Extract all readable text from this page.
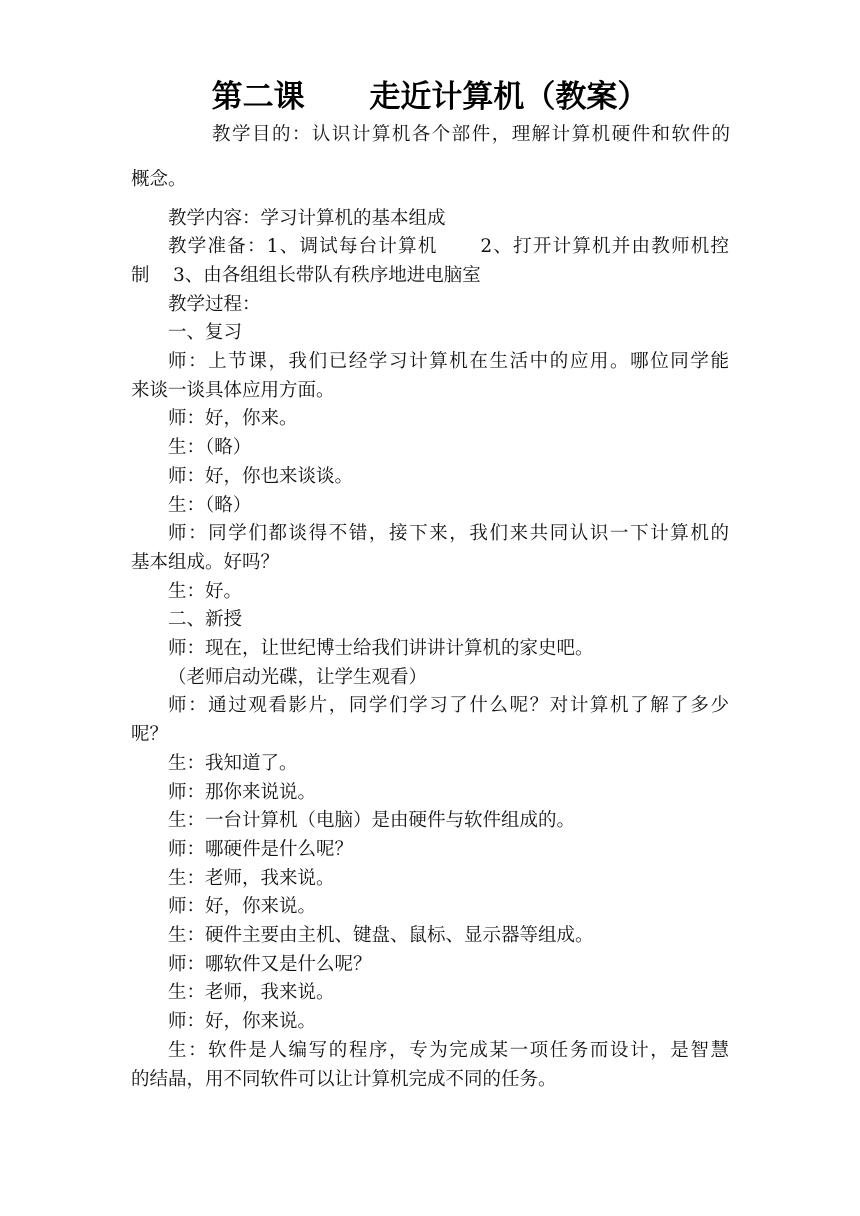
第二课      走近计算机（教案）
教学目的：认识计算机各个部件，理解计算机硬件和软件的
概念。
教学内容：学习计算机的基本组成
教学准备：1、调试每台计算机      2、打开计算机并由教师机控
制    3、由各组组长带队有秩序地进电脑室
教学过程：
一、复习
师：上节课，我们已经学习计算机在生活中的应用。哪位同学能
来谈一谈具体应用方面。
师：好，你来。
生：（略）
师：好，你也来谈谈。
生：（略）
师：同学们都谈得不错，接下来，我们来共同认识一下计算机的
基本组成。好吗？
生：好。
二、新授
师：现在，让世纪博士给我们讲讲计算机的家史吧。
（老师启动光碟，让学生观看）
师：通过观看影片，同学们学习了什么呢？对计算机了解了多少
呢？
生：我知道了。
师：那你来说说。
生：一台计算机（电脑）是由硬件与软件组成的。
师：哪硬件是什么呢？
生：老师，我来说。
师：好，你来说。
生：硬件主要由主机、键盘、鼠标、显示器等组成。
师：哪软件又是什么呢？
生：老师，我来说。
师：好，你来说。
生：软件是人编写的程序，专为完成某一项任务而设计，是智慧
的结晶，用不同软件可以让计算机完成不同的任务。
